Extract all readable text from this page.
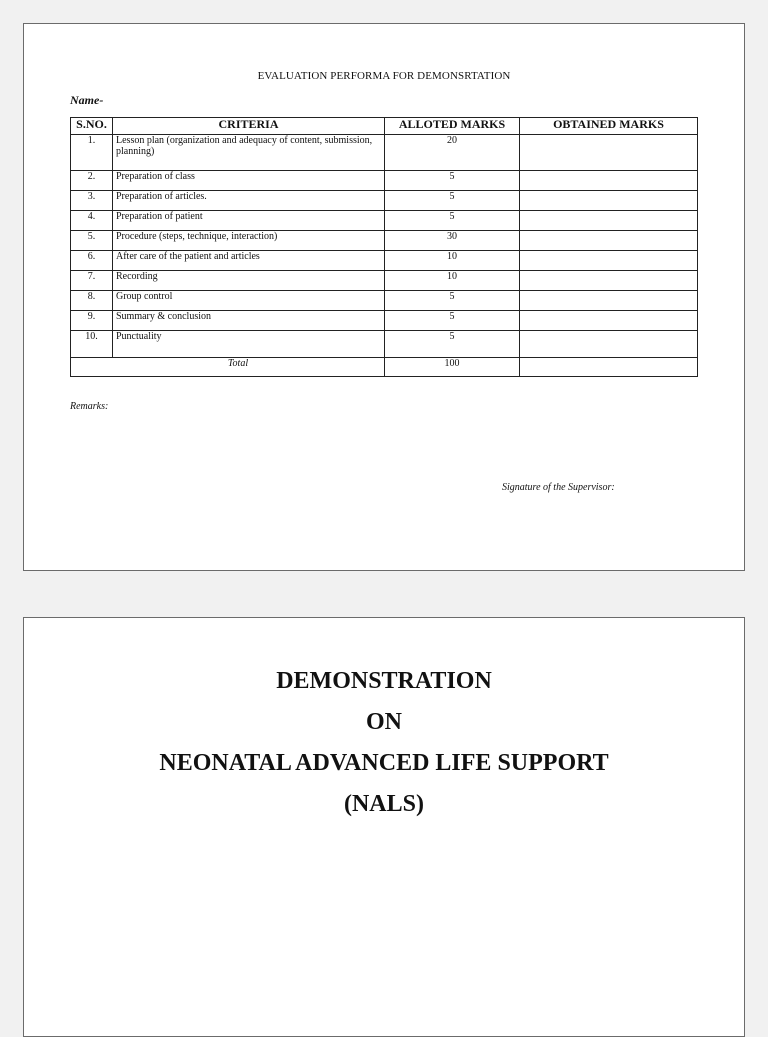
EVALUATION PERFORMA FOR DEMONSRTATION
Name-
S.NO.	CRITERIA	ALLOTED MARKS	OBTAINED MARKS
1.	Lesson plan (organization and adequacy of content, submission, planning)	20	
2.	Preparation of class	5	
3.	Preparation of articles.	5	
4.	Preparation of patient	5	
5.	Procedure (steps, technique, interaction)	30	
6.	After care of the patient and articles	10	
7.	Recording	10	
8.	Group control	5	
9.	Summary & conclusion	5	
10.	Punctuality	5	
Total		100	
Remarks:
Signature of the Supervisor:
DEMONSTRATION
ON
NEONATAL ADVANCED LIFE SUPPORT
(NALS)
